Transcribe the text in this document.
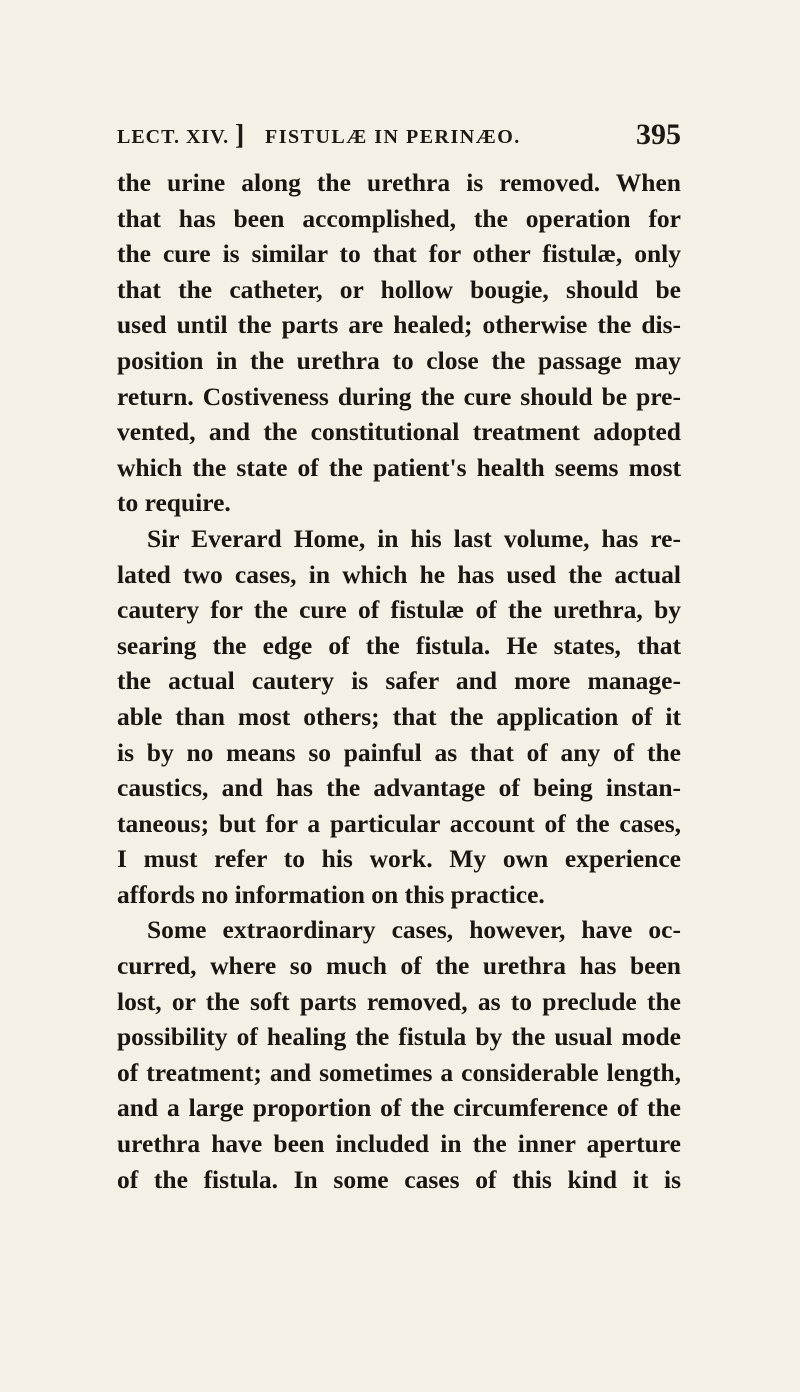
LECT. XIV. ] FISTULÆ IN PERINÆO.	395
the urine along the urethra is removed. When
that has been accomplished, the operation for
the cure is similar to that for other fistulæ, only
that the catheter, or hollow bougie, should be
used until the parts are healed; otherwise the dis-
position in the urethra to close the passage may
return. Costiveness during the cure should be pre-
vented, and the constitutional treatment adopted
which the state of the patient's health seems most
to require.
Sir Everard Home, in his last volume, has re-
lated two cases, in which he has used the actual
cautery for the cure of fistulæ of the urethra, by
searing the edge of the fistula. He states, that
the actual cautery is safer and more manage-
able than most others; that the application of it
is by no means so painful as that of any of the
caustics, and has the advantage of being instan-
taneous; but for a particular account of the cases,
I must refer to his work. My own experience
affords no information on this practice.
Some extraordinary cases, however, have oc-
curred, where so much of the urethra has been
lost, or the soft parts removed, as to preclude the
possibility of healing the fistula by the usual mode
of treatment; and sometimes a considerable length,
and a large proportion of the circumference of the
urethra have been included in the inner aperture
of the fistula. In some cases of this kind it is
